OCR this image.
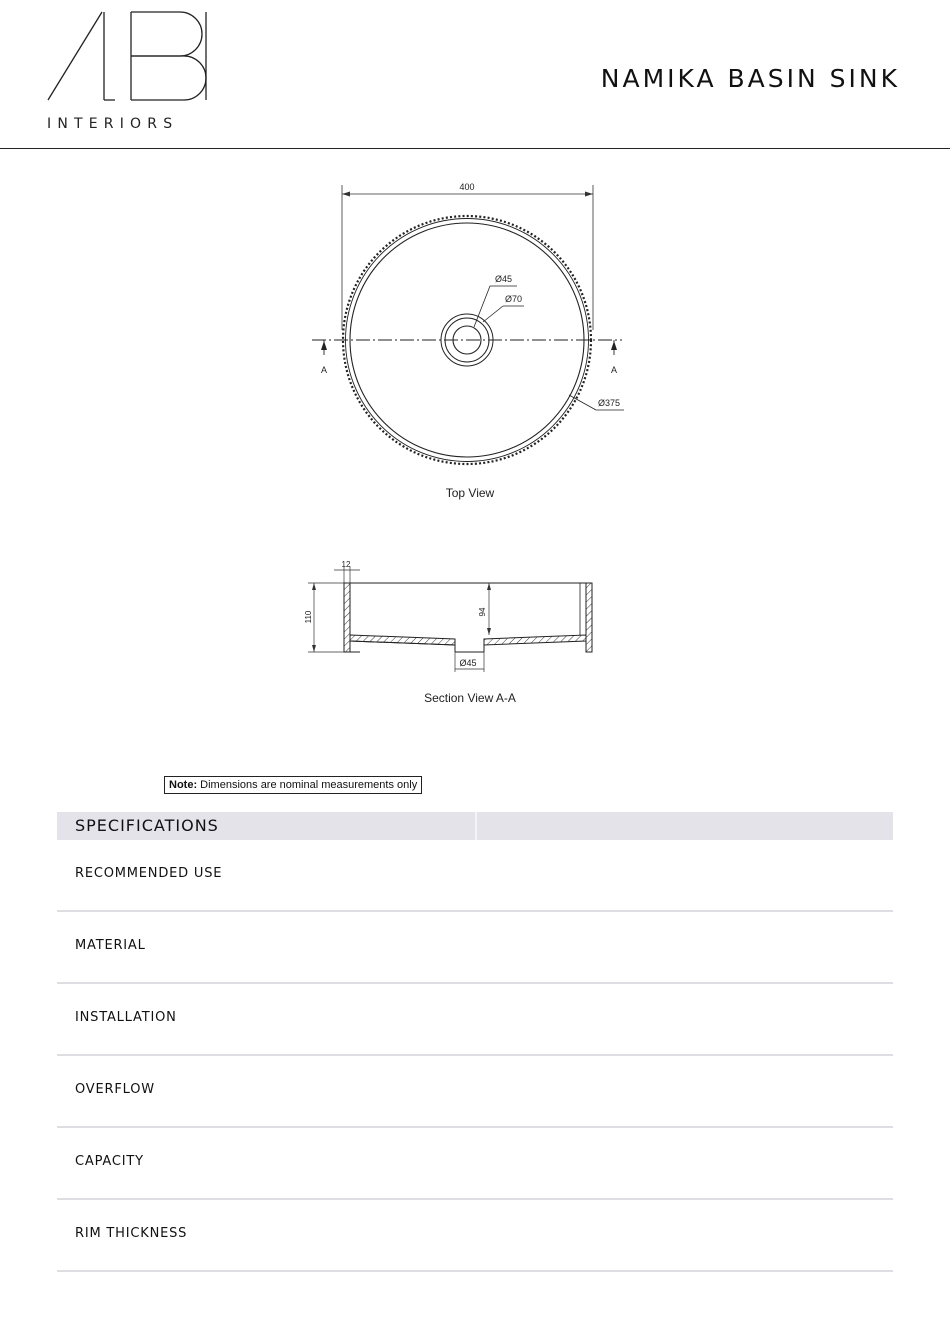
INTERIORS
NAMIKA BASIN SINK
400
A	A
Ø45
Ø70
Ø375
Top View
12
110	94
Ø45
Section View A-A
Note: Dimensions are nominal measurements only
SPECIFICATIONS
RECOMMENDED USE
MATERIAL
INSTALLATION
OVERFLOW
CAPACITY
RIM THICKNESS
